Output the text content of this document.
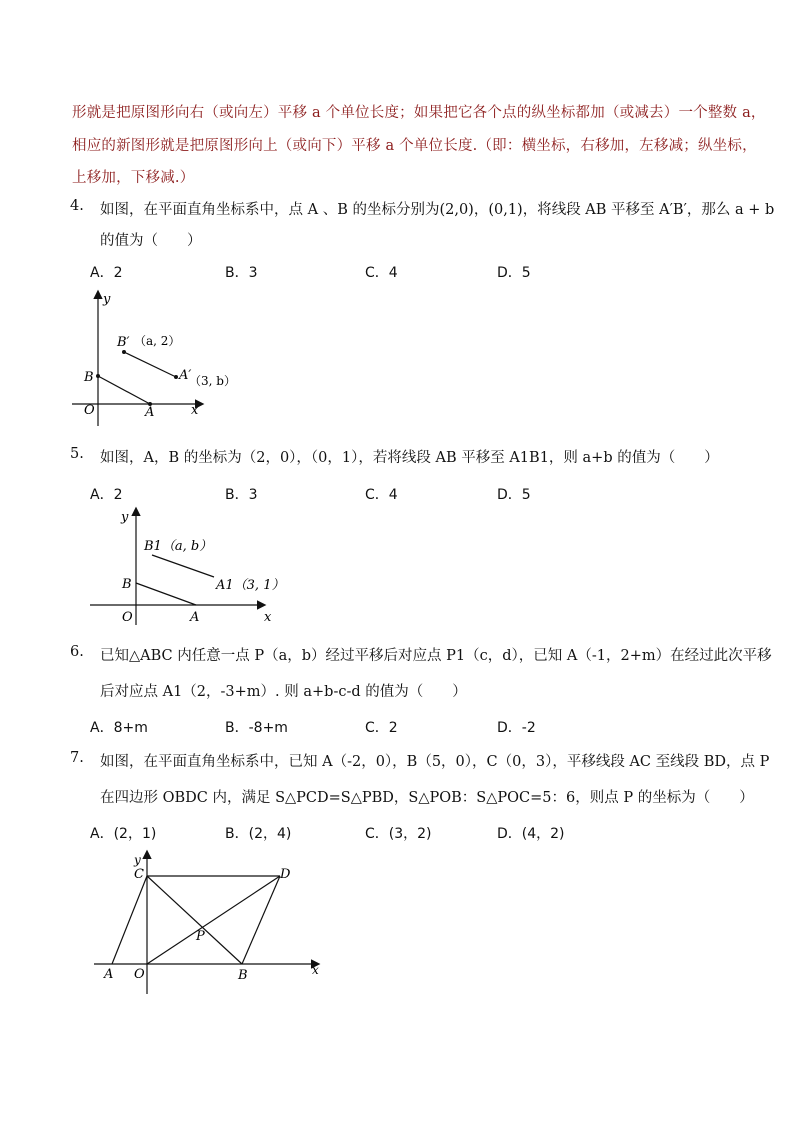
形就是把原图形向右（或向左）平移 a 个单位长度；如果把它各个点的纵坐标都加（或减去）一个整数 a，
相应的新图形就是把原图形向上（或向下）平移 a 个单位长度.（即：横坐标，右移加，左移减；纵坐标，
上移加，下移减.）
4. 如图，在平面直角坐标系中，点 A 、B 的坐标分别为(2,0)，(0,1)，将线段 AB 平移至 A′B′，那么 a + b
的值为（　　）
A．2	B．3	C．4	D．5
y
x
O	A
B
B′ （a, 2）
A′
（3, b）
5. 如图，A，B 的坐标为（2，0），（0，1），若将线段 AB 平移至 A1B1，则 a+b 的值为（　　）
A．2	B．3	C．4	D．5
y
x
O	A
B
B1（a, b）
A1（3, 1）
6. 已知△ABC 内任意一点 P（a，b）经过平移后对应点 P1（c，d），已知 A（-1，2+m）在经过此次平移
后对应点 A1（2，-3+m）. 则 a+b-c-d 的值为（　　）
A．8+m	B．-8+m	C．2	D．-2
7. 如图，在平面直角坐标系中，已知 A（-2，0），B（5，0），C（0，3），平移线段 AC 至线段 BD，点 P
在四边形 OBDC 内，满足 S△PCD=S△PBD，S△POB：S△POC=5：6，则点 P 的坐标为（　　）
A．(2，1)	B．(2，4)	C．(3，2)	D．(4，2)
y
x
O
A	B
C	D
P
